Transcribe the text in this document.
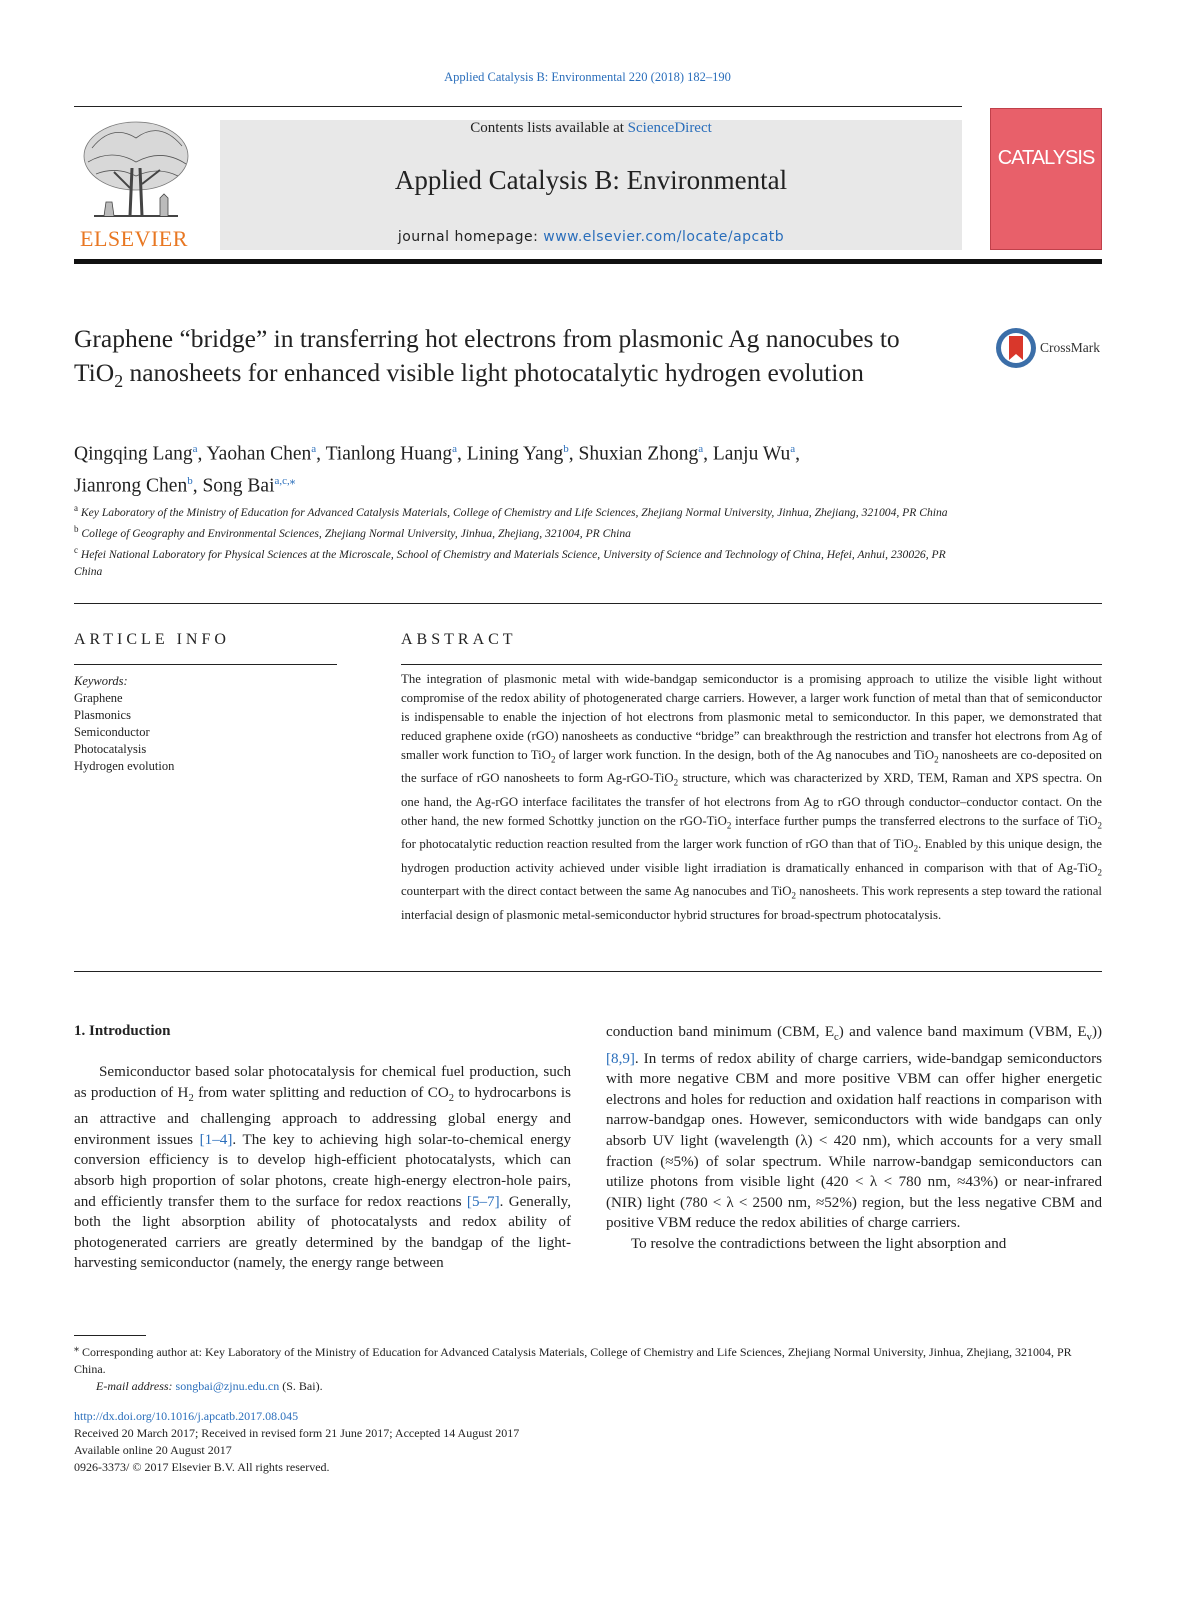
Applied Catalysis B: Environmental 220 (2018) 182–190
ELSEVIER
Contents lists available at ScienceDirect
Applied Catalysis B: Environmental
journal homepage: www.elsevier.com/locate/apcatb
CATALYSIS
Graphene “bridge” in transferring hot electrons from plasmonic Ag nanocubes to TiO$_2$ nanosheets for enhanced visible light photocatalytic hydrogen evolution
CrossMark
Qingqing Lang$^a$, Yaohan Chen$^a$, Tianlong Huang$^a$, Lining Yang$^b$, Shuxian Zhong$^a$, Lanju Wu$^a$,
Jianrong Chen$^b$, Song Bai$^{a,c,⁎}$
$^a$ Key Laboratory of the Ministry of Education for Advanced Catalysis Materials, College of Chemistry and Life Sciences, Zhejiang Normal University, Jinhua, Zhejiang, 321004, PR China
$^b$ College of Geography and Environmental Sciences, Zhejiang Normal University, Jinhua, Zhejiang, 321004, PR China
$^c$ Hefei National Laboratory for Physical Sciences at the Microscale, School of Chemistry and Materials Science, University of Science and Technology of China, Hefei, Anhui, 230026, PR China
ARTICLE INFO	ABSTRACT
Keywords:
Graphene
Plasmonics
Semiconductor
Photocatalysis
Hydrogen evolution
The integration of plasmonic metal with wide-bandgap semiconductor is a promising approach to utilize the visible light without compromise of the redox ability of photogenerated charge carriers. However, a larger work function of metal than that of semiconductor is indispensable to enable the injection of hot electrons from plasmonic metal to semiconductor. In this paper, we demonstrated that reduced graphene oxide (rGO) nanosheets as conductive “bridge” can breakthrough the restriction and transfer hot electrons from Ag of smaller work function to TiO$_2$ of larger work function. In the design, both of the Ag nanocubes and TiO$_2$ nanosheets are co-deposited on the surface of rGO nanosheets to form Ag-rGO-TiO$_2$ structure, which was characterized by XRD, TEM, Raman and XPS spectra. On one hand, the Ag-rGO interface facilitates the transfer of hot electrons from Ag to rGO through conductor–conductor contact. On the other hand, the new formed Schottky junction on the rGO-TiO$_2$ interface further pumps the transferred electrons to the surface of TiO$_2$ for photocatalytic reduction reaction resulted from the larger work function of rGO than that of TiO$_2$. Enabled by this unique design, the hydrogen production activity achieved under visible light irradiation is dramatically enhanced in comparison with that of Ag-TiO$_2$ counterpart with the direct contact between the same Ag nanocubes and TiO$_2$ nanosheets. This work represents a step toward the rational interfacial design of plasmonic metal-semiconductor hybrid structures for broad-spectrum photocatalysis.
1. Introduction
Semiconductor based solar photocatalysis for chemical fuel production, such as production of $H_2$ from water splitting and reduction of $CO_2$ to hydrocarbons is an attractive and challenging approach to addressing global energy and environment issues [1–4]. The key to achieving high solar-to-chemical energy conversion efficiency is to develop high-efficient photocatalysts, which can absorb high proportion of solar photons, create high-energy electron-hole pairs, and efficiently transfer them to the surface for redox reactions [5–7]. Generally, both the light absorption ability of photocatalysts and redox ability of photogenerated carriers are greatly determined by the bandgap of the light-harvesting semiconductor (namely, the energy range between
conduction band minimum (CBM, $E_c$) and valence band maximum (VBM, $E_v$)) [8,9]. In terms of redox ability of charge carriers, wide-bandgap semiconductors with more negative CBM and more positive VBM can offer higher energetic electrons and holes for reduction and oxidation half reactions in comparison with narrow-bandgap ones. However, semiconductors with wide bandgaps can only absorb UV light (wavelength (λ) < 420 nm), which accounts for a very small fraction (≈5%) of solar spectrum. While narrow-bandgap semiconductors can utilize photons from visible light (420 < λ < 780 nm, ≈43%) or near-infrared (NIR) light (780 < λ < 2500 nm, ≈52%) region, but the less negative CBM and positive VBM reduce the redox abilities of charge carriers.
To resolve the contradictions between the light absorption and
⁎ Corresponding author at: Key Laboratory of the Ministry of Education for Advanced Catalysis Materials, College of Chemistry and Life Sciences, Zhejiang Normal University, Jinhua, Zhejiang, 321004, PR China.
E-mail address: songbai@zjnu.edu.cn (S. Bai).
http://dx.doi.org/10.1016/j.apcatb.2017.08.045
Received 20 March 2017; Received in revised form 21 June 2017; Accepted 14 August 2017
Available online 20 August 2017
0926-3373/ © 2017 Elsevier B.V. All rights reserved.
